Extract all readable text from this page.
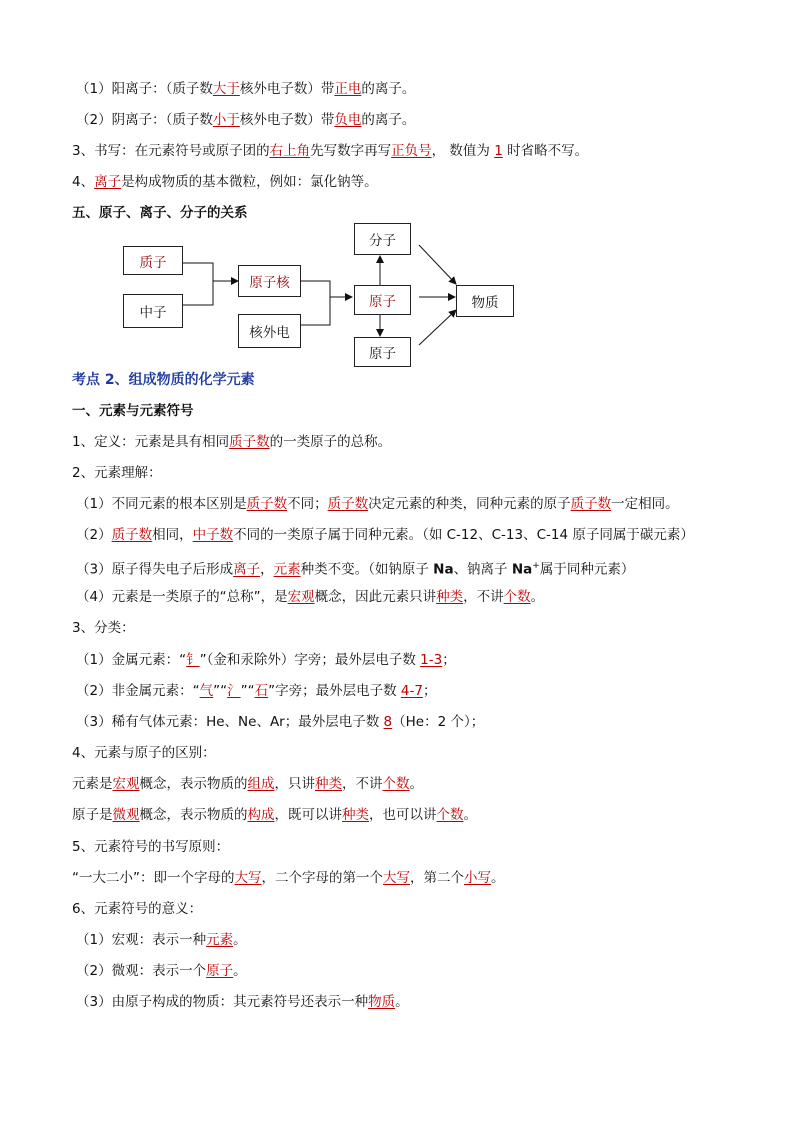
（1）阳离子：（质子数大于核外电子数）带正电的离子。
（2）阴离子：（质子数小于核外电子数）带负电的离子。
3、书写：在元素符号或原子团的右上角先写数字再写正负号， 数值为 1 时省略不写。
4、离子是构成物质的基本微粒，例如：氯化钠等。
五、原子、离子、分子的关系
质子
中子
原子核
核外电
分子
原子
原子
物质
考点 2、组成物质的化学元素
一、元素与元素符号
1、定义：元素是具有相同质子数的一类原子的总称。
2、元素理解：
（1）不同元素的根本区别是质子数不同；质子数决定元素的种类，同种元素的原子质子数一定相同。
（2）质子数相同，中子数不同的一类原子属于同种元素。（如 C-12、C-13、C-14 原子同属于碳元素）
（3）原子得失电子后形成离子，元素种类不变。（如钠原子 Na、钠离子 Na+属于同种元素）
（4）元素是一类原子的“总称”，是宏观概念，因此元素只讲种类，不讲个数。
3、分类：
（1）金属元素：“钅”（金和汞除外）字旁；最外层电子数 1-3；
（2）非金属元素：“气”“氵”“石”字旁；最外层电子数 4-7；
（3）稀有气体元素：He、Ne、Ar；最外层电子数 8（He：2 个）；
4、元素与原子的区别：
元素是宏观概念，表示物质的组成，只讲种类，不讲个数。
原子是微观概念，表示物质的构成，既可以讲种类，也可以讲个数。
5、元素符号的书写原则：
“一大二小”：即一个字母的大写，二个字母的第一个大写，第二个小写。
6、元素符号的意义：
（1）宏观：表示一种元素。
（2）微观：表示一个原子。
（3）由原子构成的物质：其元素符号还表示一种物质。
